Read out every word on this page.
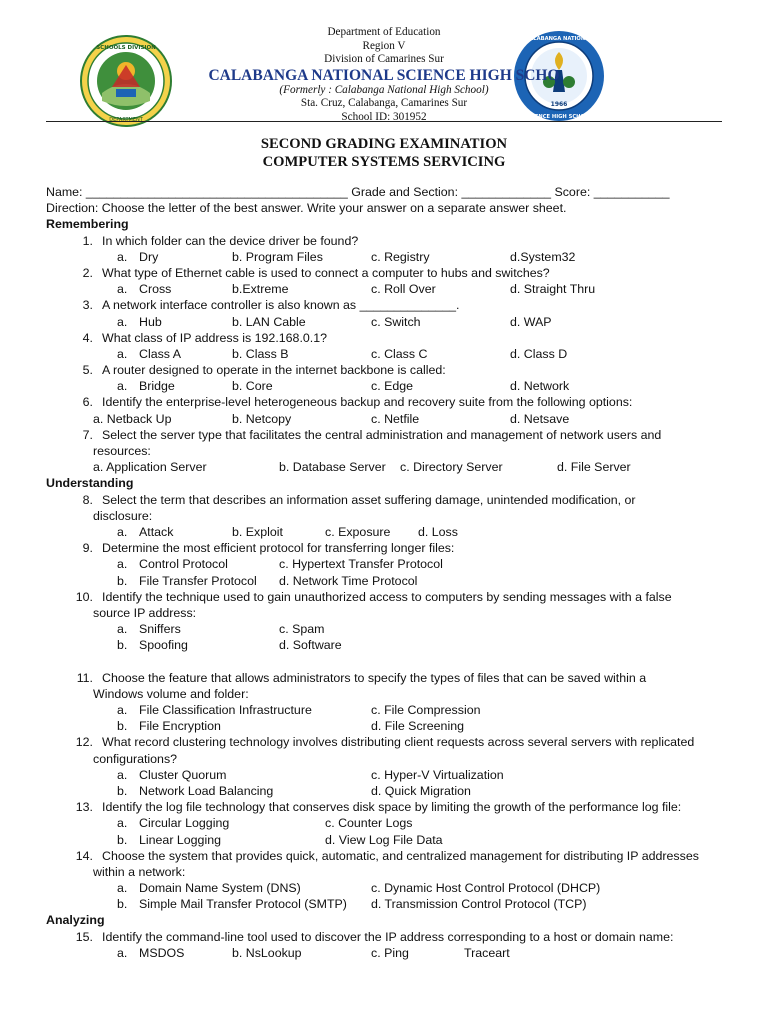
SCHOOLS DIVISION
DEPARTMENT
1966
CALABANGA NATIONAL
SCIENCE HIGH SCHOOL
Department of Education
Region V
Division of Camarines Sur
CALABANGA NATIONAL SCIENCE HIGH SCHO
(Formerly : Calabanga National High School)
Sta. Cruz, Calabanga, Camarines Sur
School ID: 301952
SECOND GRADING EXAMINATION
COMPUTER SYSTEMS SERVICING
Name: ______________________________________ Grade and Section: _____________ Score: ___________
Direction: Choose the letter of the best answer. Write your answer on a separate answer sheet.
Remembering
1. In which folder can the device driver be found?
a. Dry	b. Program Files	c. Registry	d.System32
2. What type of Ethernet cable is used to connect a computer to hubs and switches?
a. Cross	b.Extreme	c. Roll Over	d. Straight Thru
3. A network interface controller is also known as ______________.
a. Hub	b. LAN Cable	c. Switch	d. WAP
4. What class of IP address is 192.168.0.1?
a. Class A	b. Class B	c. Class C	d. Class D
5. A router designed to operate in the internet backbone is called:
a. Bridge	b. Core	c. Edge	d. Network
6. Identify the enterprise-level heterogeneous backup and recovery suite from the following options:
a. Netback Up	b. Netcopy	c. Netfile	d. Netsave
7. Select the server type that facilitates the central administration and management of network users and
resources:
a. Application Server	b. Database Server c. Directory Server	d. File Server
Understanding
8. Select the term that describes an information asset suffering damage, unintended modification, or
disclosure:
a. Attack	b. Exploit	c. Exposure d. Loss
9. Determine the most efficient protocol for transferring longer files:
a. Control Protocol	c. Hypertext Transfer Protocol
b. File Transfer Protocol d. Network Time Protocol
10. Identify the technique used to gain unauthorized access to computers by sending messages with a false
source IP address:
a. Sniffers	c. Spam
b. Spoofing	d. Software
11. Choose the feature that allows administrators to specify the types of files that can be saved within a
Windows volume and folder:
a. File Classification Infrastructure	c. File Compression
b. File Encryption	d. File Screening
12. What record clustering technology involves distributing client requests across several servers with replicated
configurations?
a. Cluster Quorum	c. Hyper-V Virtualization
b. Network Load Balancing	d. Quick Migration
13. Identify the log file technology that conserves disk space by limiting the growth of the performance log file:
a. Circular Logging	c. Counter Logs
b. Linear Logging	d. View Log File Data
14. Choose the system that provides quick, automatic, and centralized management for distributing IP addresses
within a network:
a. Domain Name System (DNS)	c. Dynamic Host Control Protocol (DHCP)
b. Simple Mail Transfer Protocol (SMTP) d. Transmission Control Protocol (TCP)
Analyzing
15. Identify the command-line tool used to discover the IP address corresponding to a host or domain name:
a. MSDOS	b. NsLookup	c. Ping	Traceart
